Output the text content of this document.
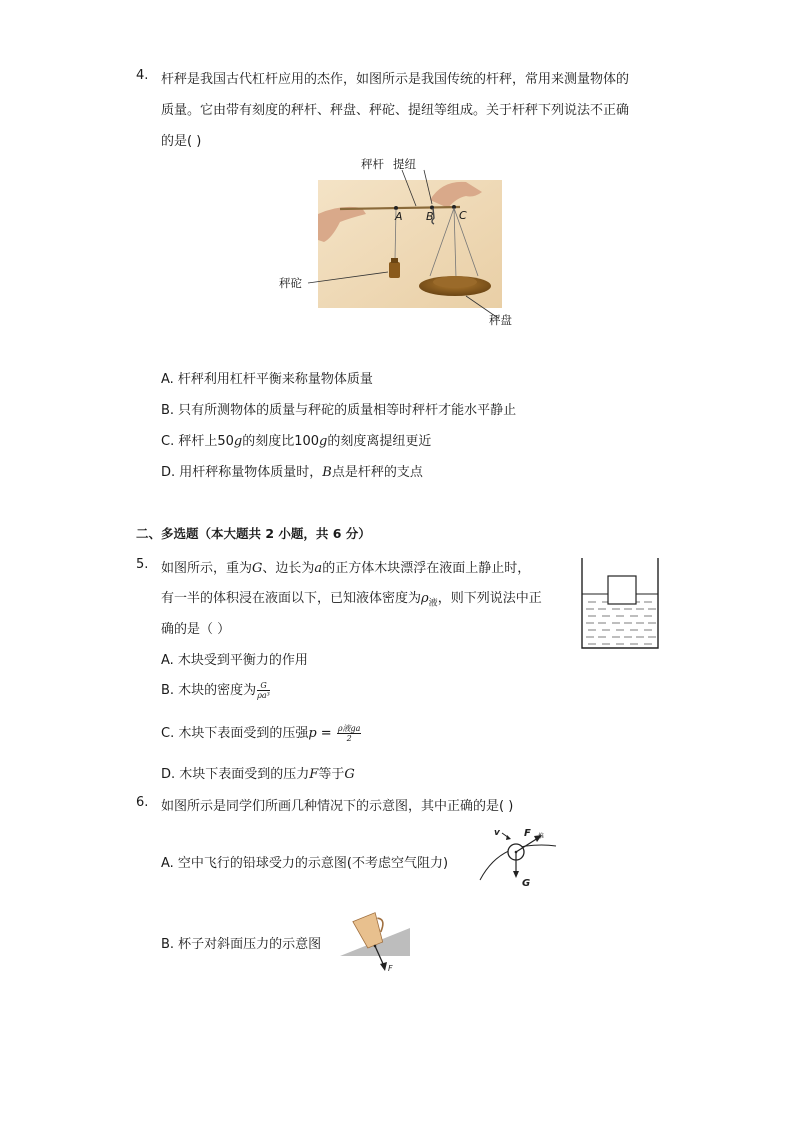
4. 杆秤是我国古代杠杆应用的杰作，如图所示是我国传统的杆秤，常用来测量物体的
质量。它由带有刻度的秤杆、秤盘、秤砣、提纽等组成。关于杆秤下列说法不正确
的是( )
秤杆 提纽
A B C
秤砣
秤盘
A. 杆秤利用杠杆平衡来称量物体质量
B. 只有所测物体的质量与秤砣的质量相等时秤杆才能水平静止
C. 秤杆上50g的刻度比100g的刻度离提纽更近
D. 用杆秤称量物体质量时，B点是杆秤的支点
二、多选题（本大题共 2 小题，共 6 分）
5. 如图所示，重为G、边长为a的正方体木块漂浮在液面上静止时，
有一半的体积浸在液面以下，已知液体密度为$\rho_液$，则下列说法中正
确的是（ ）
A. 木块受到平衡力的作用
B. 木块的密度为 $\frac{G}{\text{ρa³}}$
C. 木块下表面受到的压强$p = \frac{\text{ρ液ga}}{2}$
D. 木块下表面受到的压力F等于G
6. 如图所示是同学们所画几种情况下的示意图，其中正确的是( )
A. 空中飞行的铅球受力的示意图(不考虑空气阻力)
v F 推
G
B. 杯子对斜面压力的示意图
F
